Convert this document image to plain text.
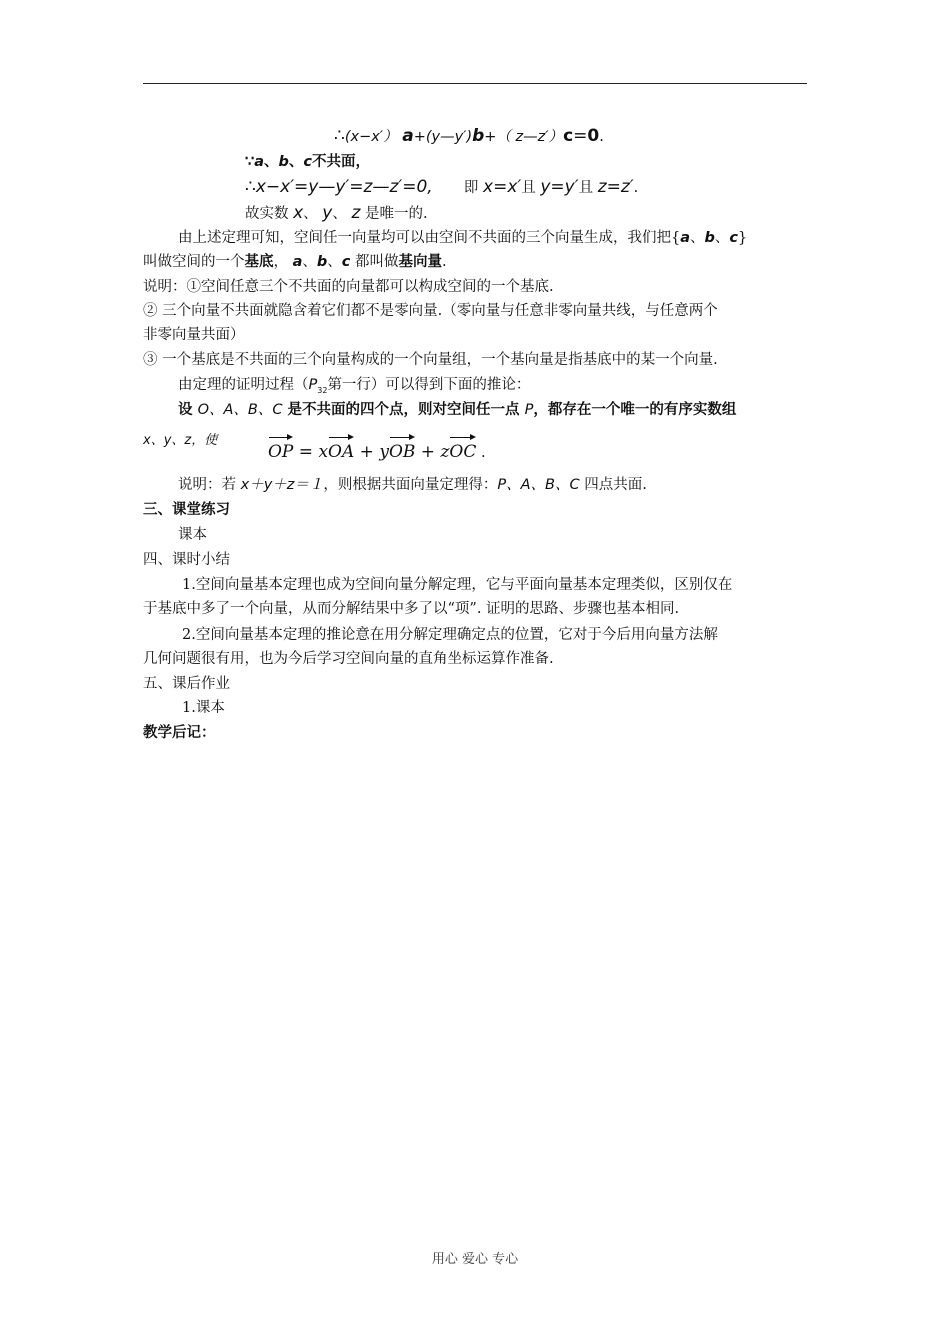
∴(x−x′） a+(y—y′)b+（ z—z′）c=0.
∵a、b、c不共面，
∴x−x′=y—y′=z—z′=0, 即 x=x′且 y=y′且 z=z′.
故实数 x、 y、 z 是唯一的.
由上述定理可知，空间任一向量均可以由空间不共面的三个向量生成，我们把{a、b、c}
叫做空间的一个基底， a、b、c 都叫做基向量.
说明：①空间任意三个不共面的向量都可以构成空间的一个基底.
② 三个向量不共面就隐含着它们都不是零向量.（零向量与任意非零向量共线，与任意两个
非零向量共面）
③ 一个基底是不共面的三个向量构成的一个向量组，一个基向量是指基底中的某一个向量.
由定理的证明过程（$P_{32}$第一行）可以得到下面的推论：
设 O、A、B、C 是不共面的四个点，则对空间任一点 P，都存在一个唯一的有序实数组
x、y、z，使
OP = x
OA + y
OB + z
OC .
说明：若 x＋y＋z＝１，则根据共面向量定理得：P、A、B、C 四点共面.
三、课堂练习
课本
四、课时小结
1.空间向量基本定理也成为空间向量分解定理，它与平面向量基本定理类似，区别仅在
于基底中多了一个向量，从而分解结果中多了以“项”. 证明的思路、步骤也基本相同.
2.空间向量基本定理的推论意在用分解定理确定点的位置，它对于今后用向量方法解
几何问题很有用，也为今后学习空间向量的直角坐标运算作准备.
五、课后作业
1.课本
教学后记：
用心 爱心 专心
